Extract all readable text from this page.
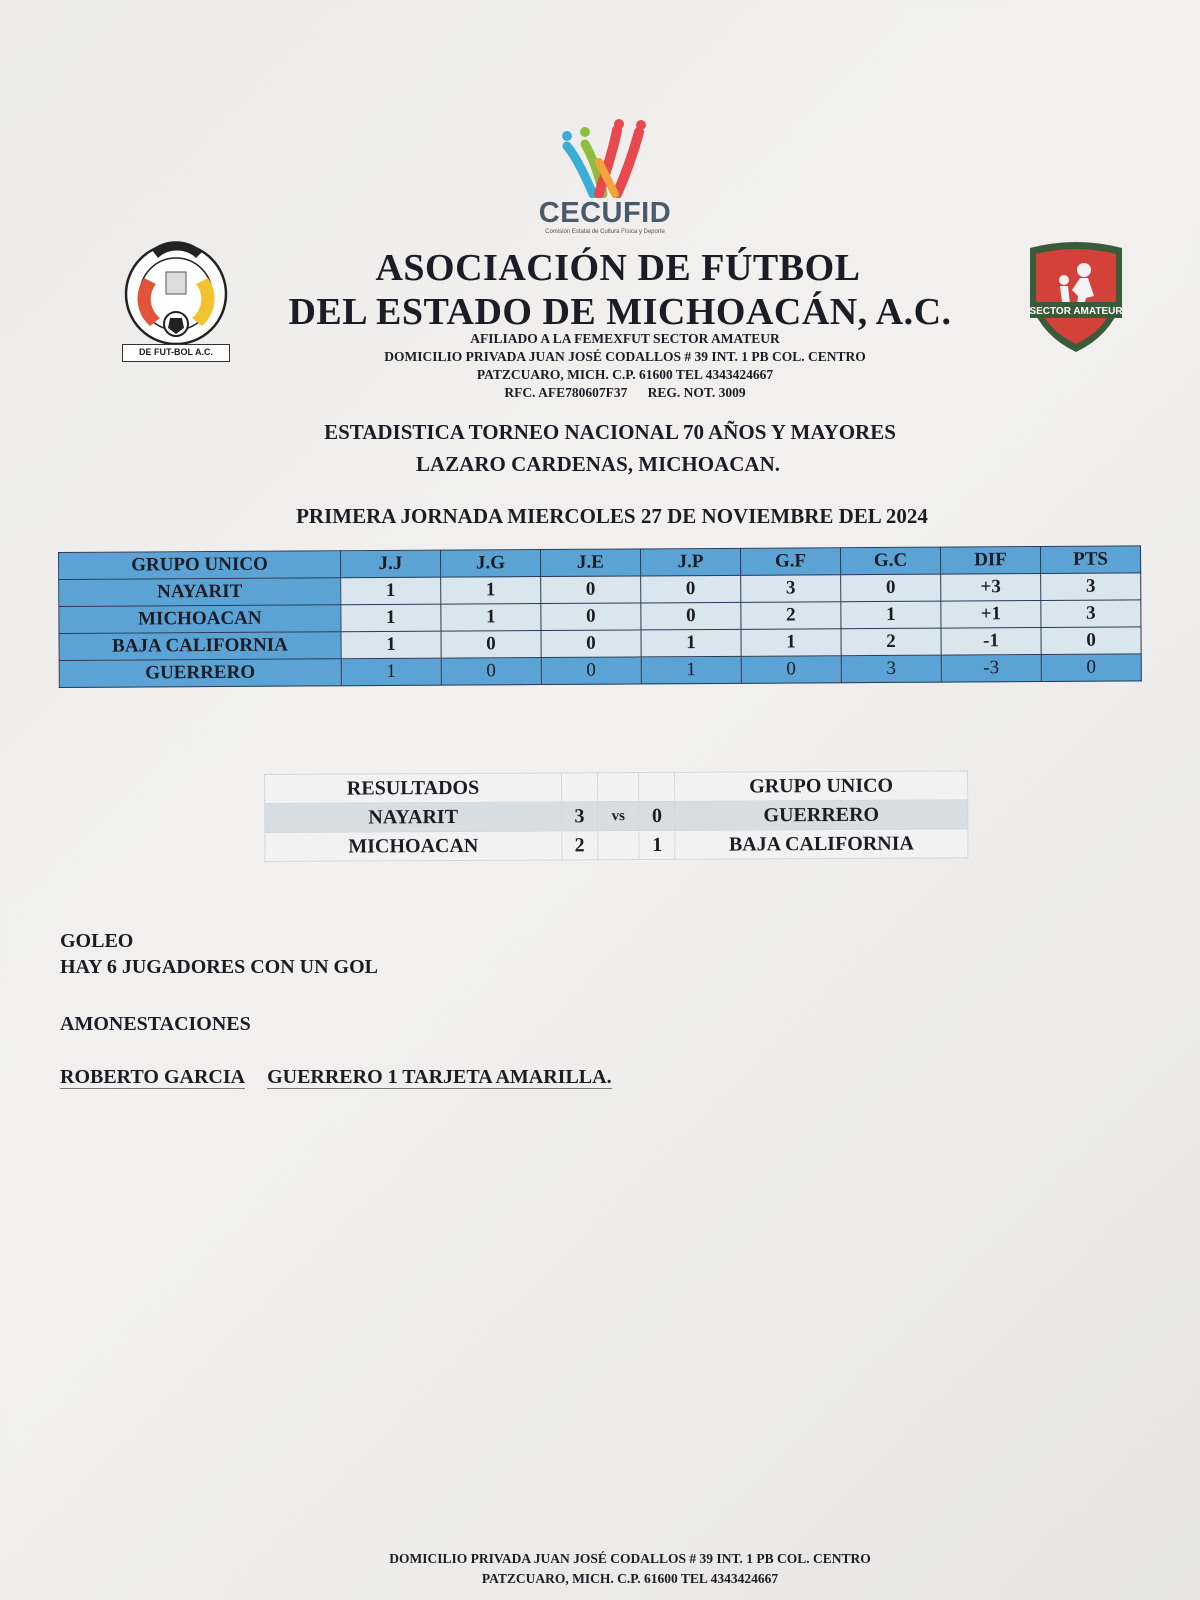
CECUFID
Comisión Estatal de Cultura Física y Deporte
DE FUT-BOL A.C.
SECTOR AMATEUR
ASOCIACIÓN DE FÚTBOL
DEL ESTADO DE MICHOACÁN, A.C.
AFILIADO A LA FEMEXFUT SECTOR AMATEUR
DOMICILIO PRIVADA JUAN JOSÉ CODALLOS # 39 INT. 1 PB COL. CENTRO
PATZCUARO, MICH. C.P. 61600 TEL 4343424667
RFC. AFE780607F37      REG. NOT. 3009
ESTADISTICA TORNEO NACIONAL 70 AÑOS Y MAYORES
LAZARO CARDENAS, MICHOACAN.
PRIMERA JORNADA MIERCOLES 27 DE NOVIEMBRE DEL 2024
GRUPO UNICO	J.J	J.G	J.E	J.P	G.F	G.C	DIF	PTS
NAYARIT	1	1	0	0	3	0	+3	3
MICHOACAN	1	1	0	0	2	1	+1	3
BAJA CALIFORNIA	1	0	0	1	1	2	-1	0
GUERRERO	1	0	0	1	0	3	-3	0
RESULTADOS				GRUPO UNICO
NAYARIT	3	vs	0	GUERRERO
MICHOACAN	2		1	BAJA CALIFORNIA
GOLEO
HAY 6 JUGADORES CON UN GOL
AMONESTACIONES
ROBERTO GARCIA GUERRERO 1 TARJETA AMARILLA.
DOMICILIO PRIVADA JUAN JOSÉ CODALLOS # 39 INT. 1 PB COL. CENTRO
PATZCUARO, MICH. C.P. 61600 TEL 4343424667
